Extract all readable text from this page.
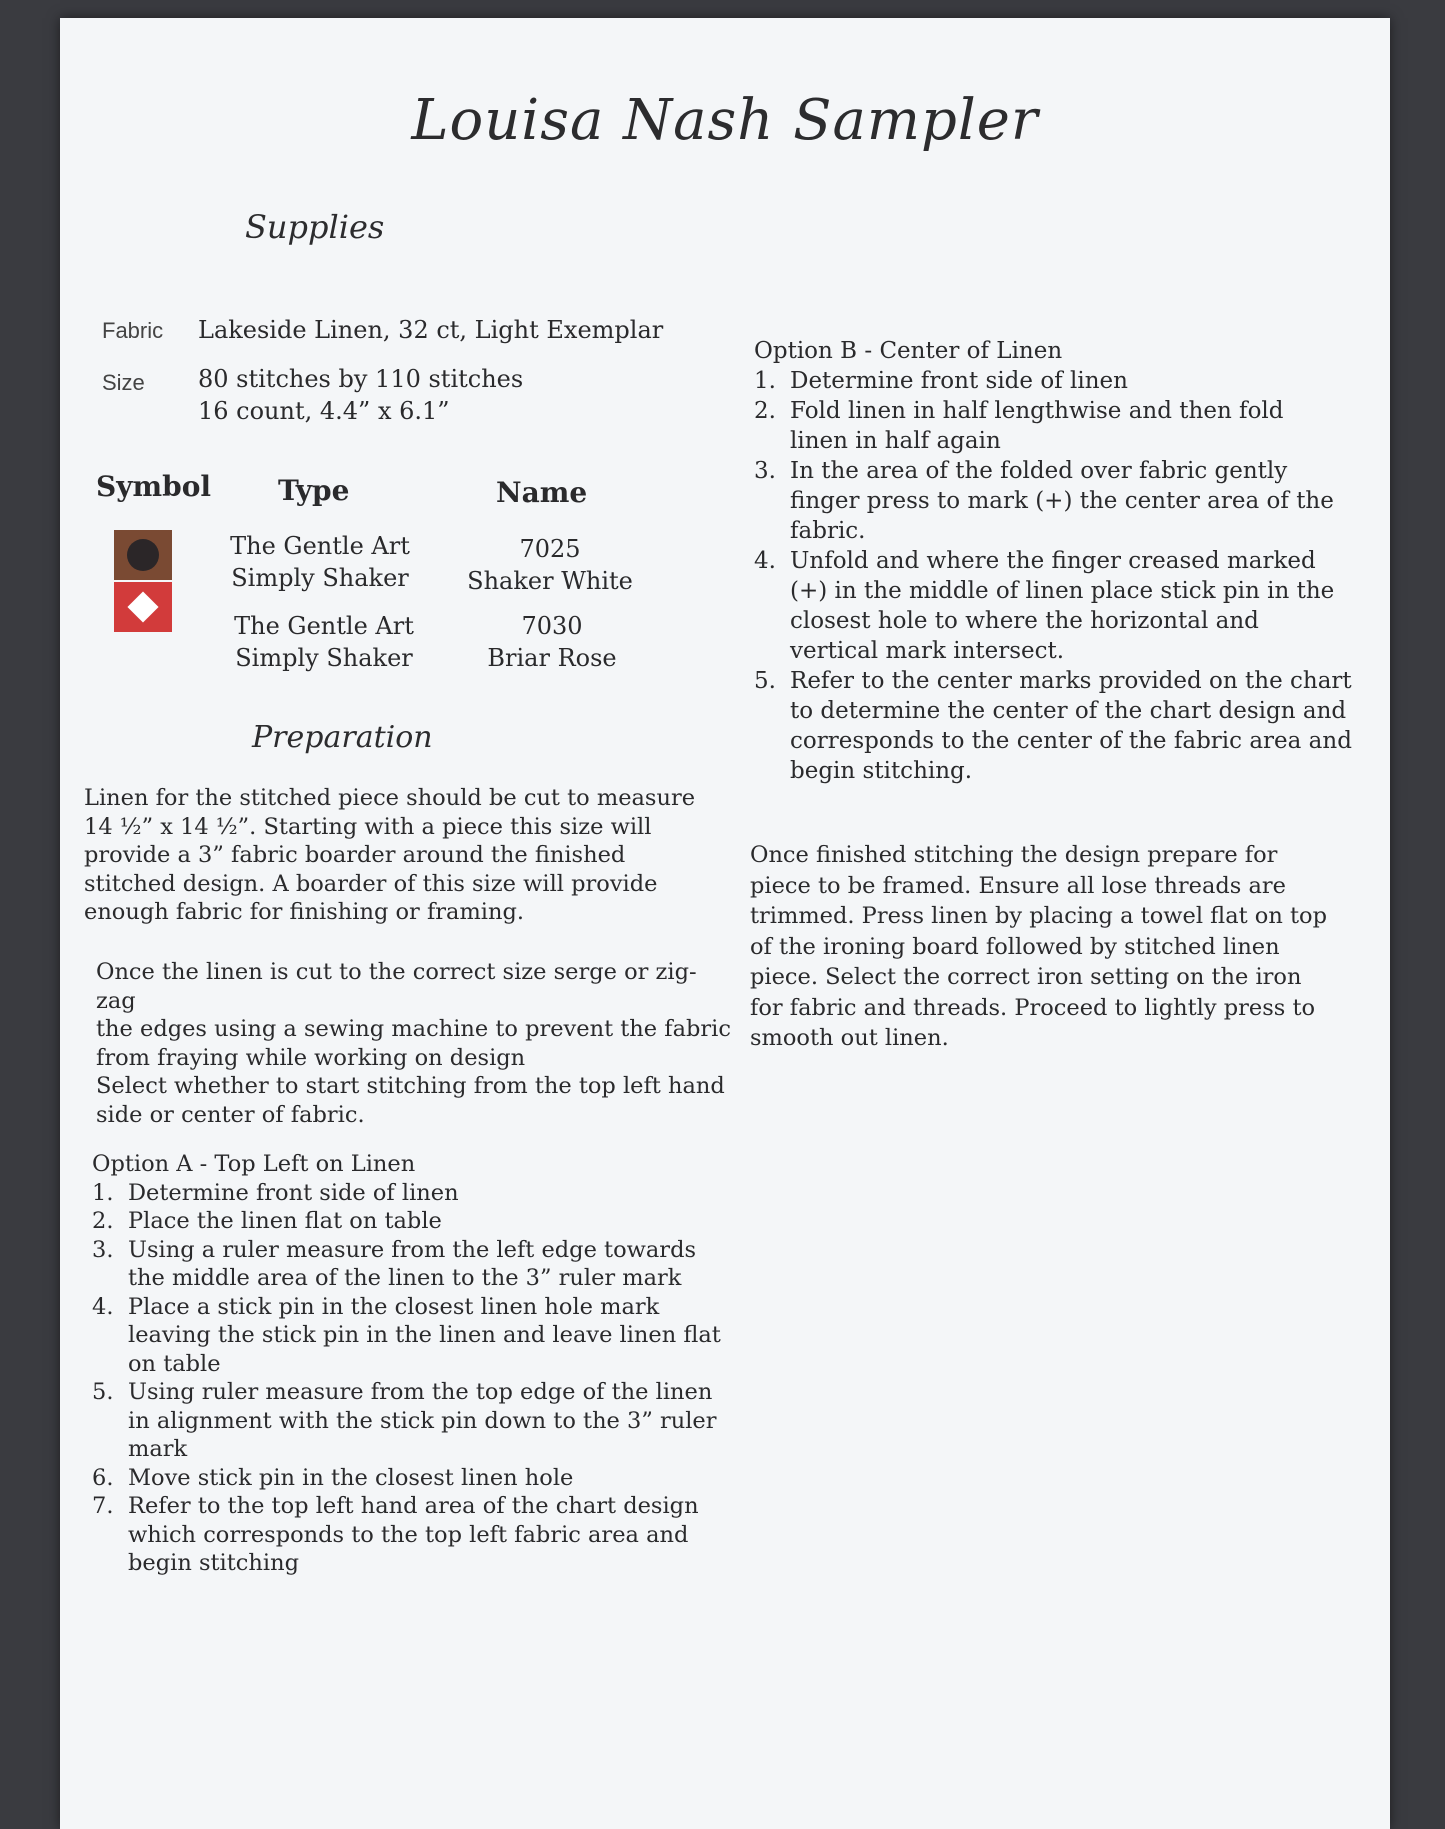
Louisa Nash Sampler
Supplies
Fabric Lakeside Linen, 32 ct, Light Exemplar
Size 80 stitches by 110 stitches
16 count, 4.4” x 6.1”
Symbol Type	Name
The Gentle Art
Simply Shaker
7025
Shaker White
The Gentle Art
Simply Shaker
7030
Briar Rose
Preparation
Linen for the stitched piece should be cut to measure
14 ½” x 14 ½”. Starting with a piece this size will
provide a 3” fabric boarder around the finished
stitched design. A boarder of this size will provide
enough fabric for finishing or framing.
Once the linen is cut to the correct size serge or zig- zag
the edges using a sewing machine to prevent the fabric
from fraying while working on design
Select whether to start stitching from the top left hand
side or center of fabric.
Option A - Top Left on Linen
1. Determine front side of linen
2. Place the linen flat on table
3. Using a ruler measure from the left edge towards
the middle area of the linen to the 3” ruler mark
4. Place a stick pin in the closest linen hole mark
leaving the stick pin in the linen and leave linen flat
on table
5. Using ruler measure from the top edge of the linen
in alignment with the stick pin down to the 3” ruler
mark
6. Move stick pin in the closest linen hole
7. Refer to the top left hand area of the chart design
which corresponds to the top left fabric area and
begin stitching
Option B - Center of Linen
1. Determine front side of linen
2. Fold linen in half lengthwise and then fold
linen in half again
3. In the area of the folded over fabric gently
finger press to mark (+) the center area of the
fabric.
4. Unfold and where the finger creased marked
(+) in the middle of linen place stick pin in the
closest hole to where the horizontal and
vertical mark intersect.
5. Refer to the center marks provided on the chart
to determine the center of the chart design and
corresponds to the center of the fabric area and
begin stitching.
Once finished stitching the design prepare for
piece to be framed. Ensure all lose threads are
trimmed. Press linen by placing a towel flat on top
of the ironing board followed by stitched linen
piece. Select the correct iron setting on the iron
for fabric and threads. Proceed to lightly press to
smooth out linen.
